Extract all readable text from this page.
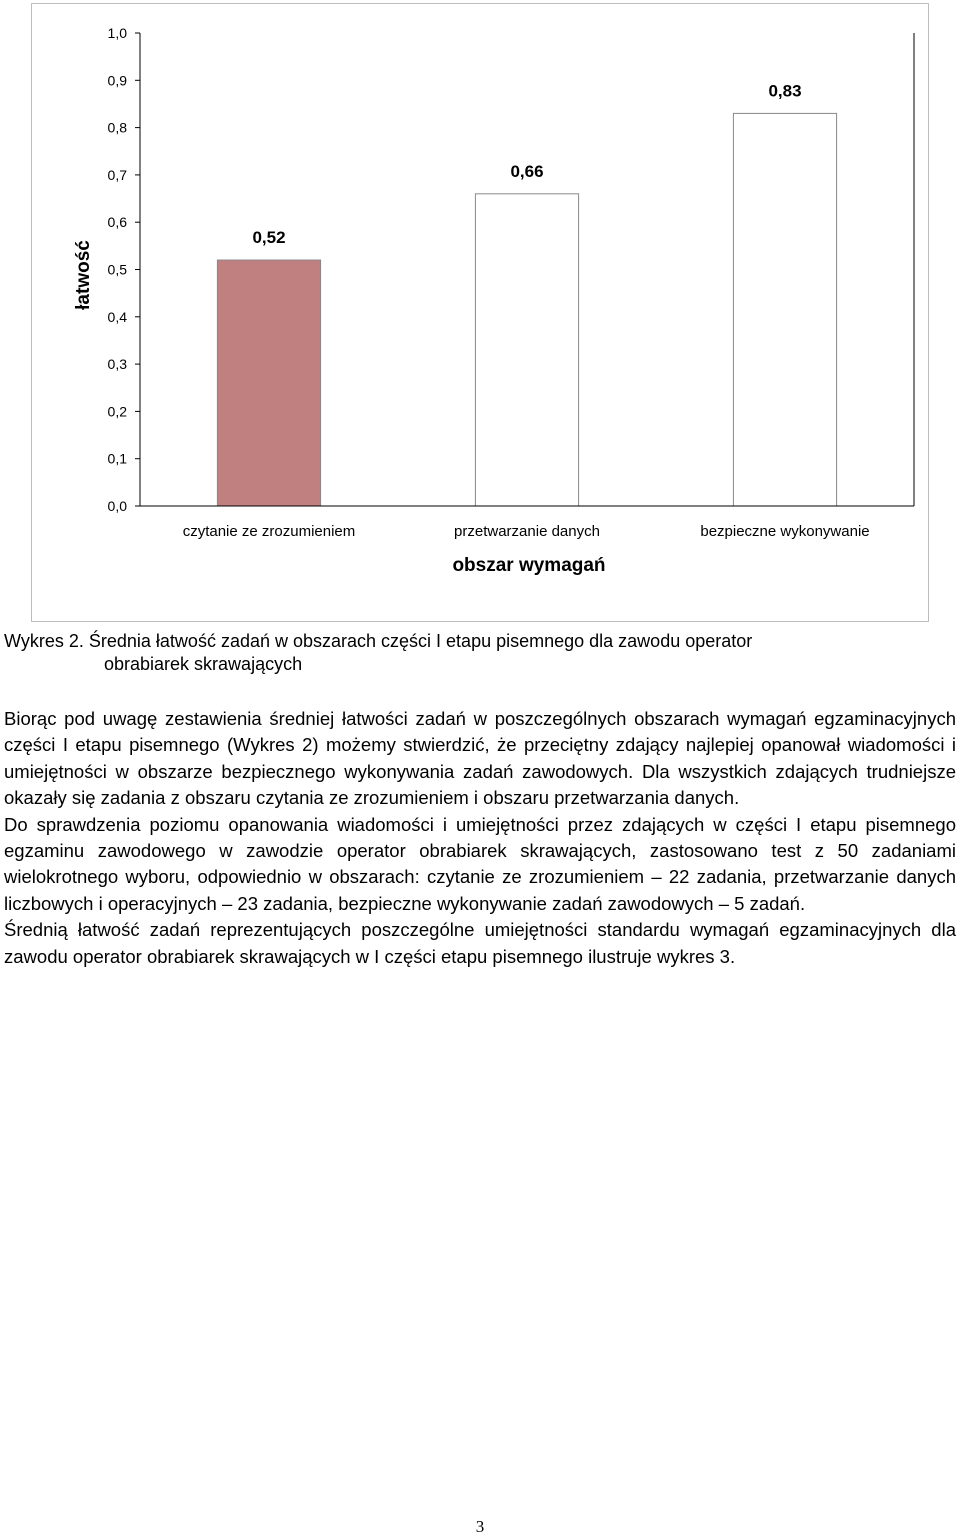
0,0
0,1
0,2
0,3
0,4
0,5
0,6
0,7
0,8
0,9
1,0
0,52
0,66
0,83
czytanie ze zrozumieniem	przetwarzanie danych	bezpieczne wykonywanie
łatwość
obszar wymagań
Wykres 2. Średnia łatwość zadań w obszarach części I etapu pisemnego dla zawodu operator
obrabiarek skrawających

Biorąc pod uwagę zestawienia średniej łatwości zadań w poszczególnych obszarach wymagań egzaminacyjnych części I etapu pisemnego (Wykres 2) możemy stwierdzić, że przeciętny zdający najlepiej opanował wiadomości i umiejętności w obszarze bezpiecznego wykonywania zadań zawodowych. Dla wszystkich zdających trudniejsze okazały się zadania z obszaru czytania ze zrozumieniem i obszaru przetwarzania danych.

Do sprawdzenia poziomu opanowania wiadomości i umiejętności przez zdających w części I etapu pisemnego egzaminu zawodowego w zawodzie operator obrabiarek skrawających, zastosowano test z 50 zadaniami wielokrotnego wyboru, odpowiednio w obszarach: czytanie ze zrozumieniem – 22 zadania, przetwarzanie danych liczbowych i operacyjnych – 23 zadania, bezpieczne wykonywanie zadań zawodowych – 5 zadań.

Średnią łatwość zadań reprezentujących poszczególne umiejętności standardu wymagań egzaminacyjnych dla zawodu operator obrabiarek skrawających w I części etapu pisemnego ilustruje wykres 3.

3
